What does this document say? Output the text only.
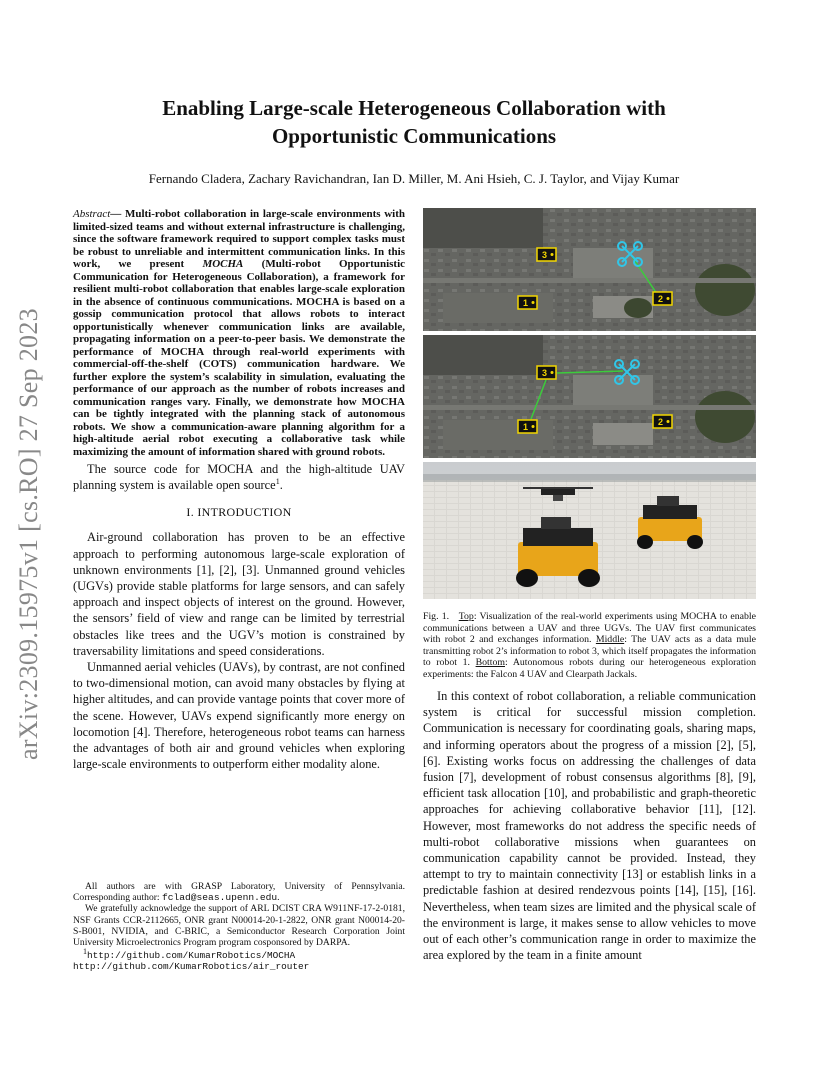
arXiv:2309.15975v1 [cs.RO] 27 Sep 2023
Enabling Large-scale Heterogeneous Collaboration with
Opportunistic Communications
Fernando Cladera, Zachary Ravichandran, Ian D. Miller, M. Ani Hsieh, C. J. Taylor, and Vijay Kumar

Abstract— Multi-robot collaboration in large-scale environments with limited-sized teams and without external infrastructure is challenging, since the software framework required to support complex tasks must be robust to unreliable and intermittent communication links. In this work, we present MOCHA (Multi-robot Opportunistic Communication for Heterogeneous Collaboration), a framework for resilient multi-robot collaboration that enables large-scale exploration in the absence of continuous communications. MOCHA is based on a gossip communication protocol that allows robots to interact opportunistically whenever communication links are available, propagating information on a peer-to-peer basis. We demonstrate the performance of MOCHA through real-world experiments with commercial-off-the-shelf (COTS) communication hardware. We further explore the system’s scalability in simulation, evaluating the performance of our approach as the number of robots increases and communication ranges vary. Finally, we demonstrate how MOCHA can be tightly integrated with the planning stack of autonomous robots. We show a communication-aware planning algorithm for a high-altitude aerial robot executing a collaborative task while maximizing the amount of information shared with ground robots.

The source code for MOCHA and the high-altitude UAV planning system is available open source$^1$.

I. INTRODUCTION

Air-ground collaboration has proven to be an effective approach to performing autonomous large-scale exploration of unknown environments [1], [2], [3]. Unmanned ground vehicles (UGVs) provide stable platforms for large sensors, and can safely approach and inspect objects of interest on the ground. However, the sensors’ field of view and range can be limited by terrestrial obstacles like trees and the UGV’s motion is constrained by traversability limitations and speed considerations.

Unmanned aerial vehicles (UAVs), by contrast, are not confined to two-dimensional motion, can avoid many obstacles by flying at higher altitudes, and can provide vantage points that cover more of the scene. However, UAVs expend significantly more energy on locomotion [4]. Therefore, heterogeneous robot teams can harness the advantages of both air and ground vehicles when exploring large-scale environments to outperform either modality alone.

All authors are with GRASP Laboratory, University of Pennsylvania. Corresponding author: fclad@seas.upenn.edu.

We gratefully acknowledge the support of ARL DCIST CRA W911NF-17-2-0181, NSF Grants CCR-2112665, ONR grant N00014-20-1-2822, ONR grant N00014-20-S-B001, NVIDIA, and C-BRIC, a Semiconductor Research Corporation Joint University Microelectronics Program program cosponsored by DARPA.

$^1$http://github.com/KumarRobotics/MOCHA

http://github.com/KumarRobotics/air_router

3
2
1
3
1	2

Fig. 1. Top: Visualization of the real-world experiments using MOCHA to enable communications between a UAV and three UGVs. The UAV first communicates with robot 2 and exchanges information. Middle: The UAV acts as a data mule transmitting robot 2’s information to robot 3, which itself propagates the information to robot 1. Bottom: Autonomous robots during our heterogeneous exploration experiments: the Falcon 4 UAV and Clearpath Jackals.

In this context of robot collaboration, a reliable communication system is critical for successful mission completion. Communication is necessary for coordinating goals, sharing maps, and informing operators about the progress of a mission [2], [5], [6]. Existing works focus on addressing the challenges of data fusion [7], development of robust consensus algorithms [8], [9], efficient task allocation [10], and probabilistic and graph-theoretic approaches for achieving collaborative behavior [11], [12]. However, most frameworks do not address the specific needs of multi-robot collaborative missions when guarantees on communication capability cannot be provided. Instead, they attempt to try to maintain connectivity [13] or establish links in a predictable fashion at desired rendezvous points [14], [15], [16]. Nevertheless, when team sizes are limited and the physical scale of the environment is large, it makes sense to allow vehicles to move out of each other’s communication range in order to maximize the area explored by the team in a finite amount
